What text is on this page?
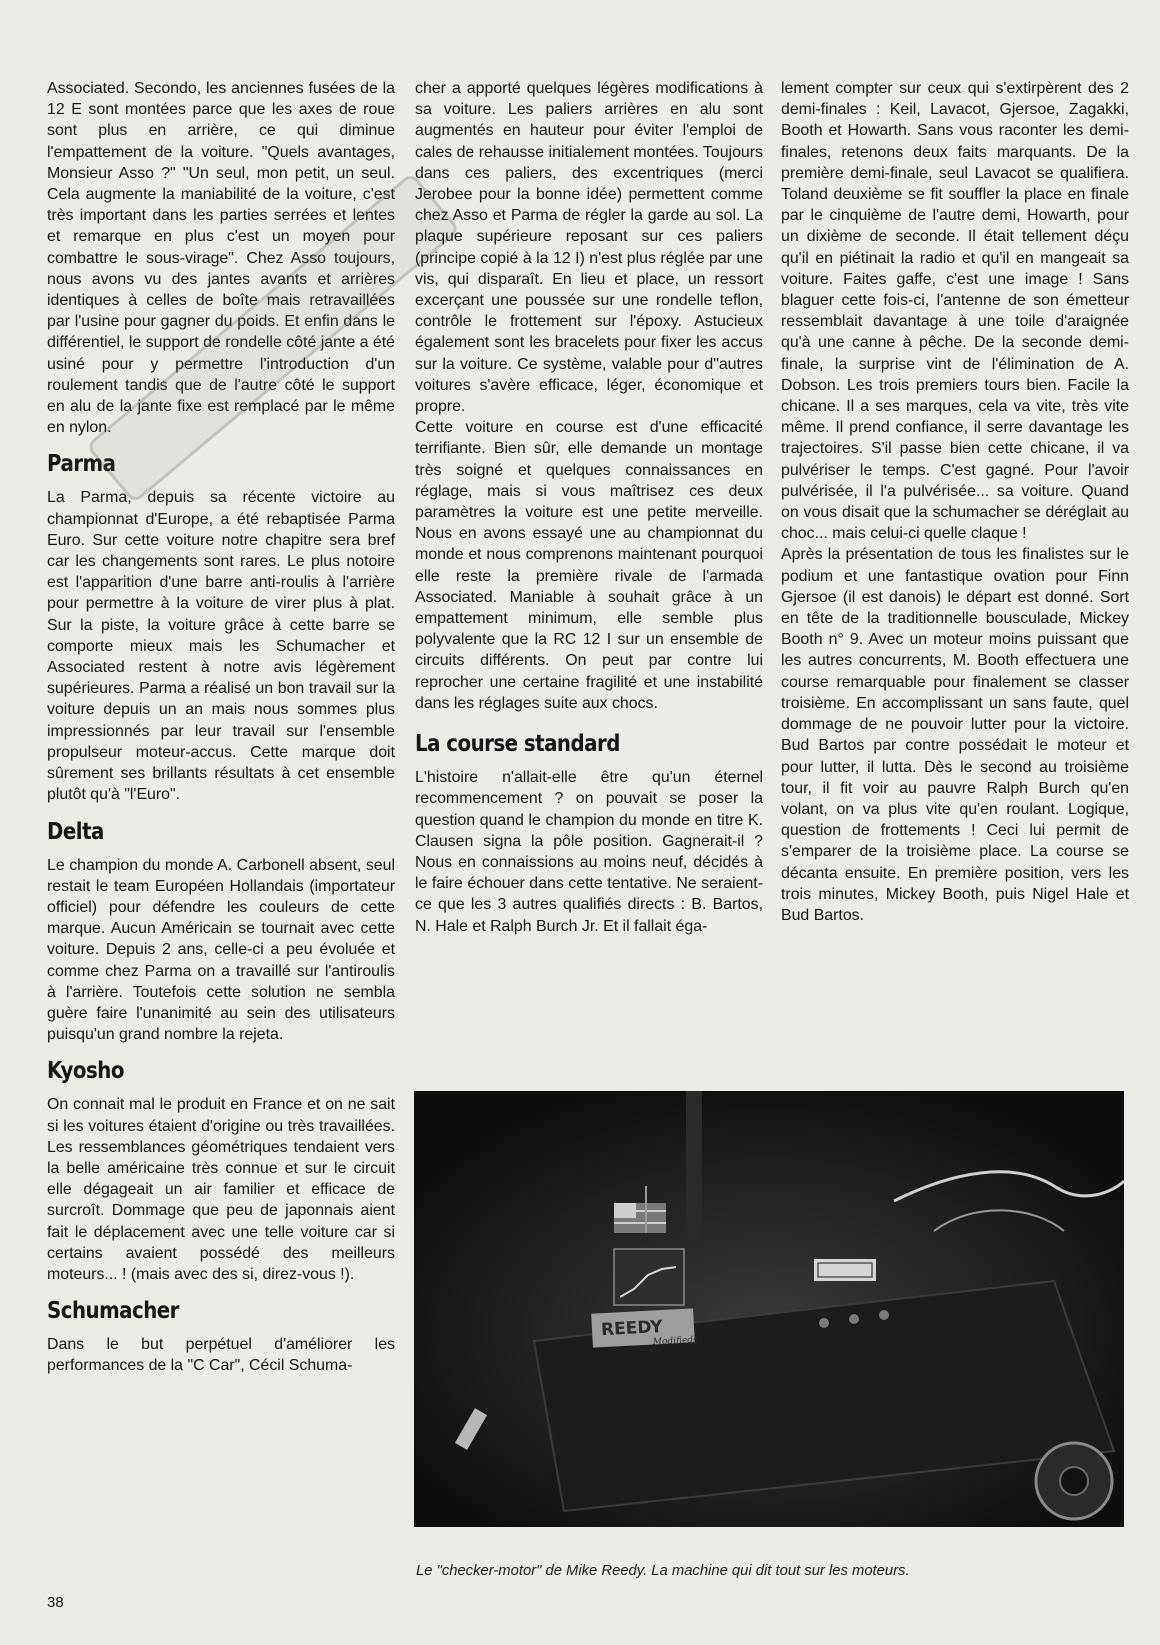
Associated. Secondo, les anciennes fusées de la 12 E sont montées parce que les axes de roue sont plus en arrière, ce qui diminue l'empattement de la voiture. "Quels avantages, Monsieur Asso ?" "Un seul, mon petit, un seul. Cela augmente la maniabilité de la voiture, c'est très important dans les parties serrées et lentes et remarque en plus c'est un moyen pour combattre le sous-virage". Chez Asso toujours, nous avons vu des jantes avants et arrières identiques à celles de boîte mais retravaillées par l'usine pour gagner du poids. Et enfin dans le différentiel, le support de rondelle côté jante a été usiné pour y permettre l'introduction d'un roulement tandis que de l'autre côté le support en alu de la jante fixe est remplacé par le même en nylon.

Parma

La Parma, depuis sa récente victoire au championnat d'Europe, a été rebaptisée Parma Euro. Sur cette voiture notre chapitre sera bref car les changements sont rares. Le plus notoire est l'apparition d'une barre anti-roulis à l'arrière pour permettre à la voiture de virer plus à plat. Sur la piste, la voiture grâce à cette barre se comporte mieux mais les Schumacher et Associated restent à notre avis légèrement supérieures. Parma a réalisé un bon travail sur la voiture depuis un an mais nous sommes plus impressionnés par leur travail sur l'ensemble propulseur moteur-accus. Cette marque doit sûrement ses brillants résultats à cet ensemble plutôt qu'à "l'Euro".

Delta

Le champion du monde A. Carbonell absent, seul restait le team Européen Hollandais (importateur officiel) pour défendre les couleurs de cette marque. Aucun Américain se tournait avec cette voiture. Depuis 2 ans, celle-ci a peu évoluée et comme chez Parma on a travaillé sur l'antiroulis à l'arrière. Toutefois cette solution ne sembla guère faire l'unanimité au sein des utilisateurs puisqu'un grand nombre la rejeta.

Kyosho

On connait mal le produit en France et on ne sait si les voitures étaient d'origine ou très travaillées. Les ressemblances géométriques tendaient vers la belle américaine très connue et sur le circuit elle dégageait un air familier et efficace de surcroît. Dommage que peu de japonnais aient fait le déplacement avec une telle voiture car si certains avaient possédé des meilleurs moteurs... ! (mais avec des si, direz-vous !).

Schumacher

Dans le but perpétuel d'améliorer les performances de la "C Car", Cécil Schuma-

cher a apporté quelques légères modifications à sa voiture. Les paliers arrières en alu sont augmentés en hauteur pour éviter l'emploi de cales de rehausse initialement montées. Toujours dans ces paliers, des excentriques (merci Jerobee pour la bonne idée) permettent comme chez Asso et Parma de régler la garde au sol. La plaque supérieure reposant sur ces paliers (principe copié à la 12 I) n'est plus réglée par une vis, qui disparaît. En lieu et place, un ressort excerçant une poussée sur une rondelle teflon, contrôle le frottement sur l'époxy. Astucieux également sont les bracelets pour fixer les accus sur la voiture. Ce système, valable pour d"autres voitures s'avère efficace, léger, économique et propre.

Cette voiture en course est d'une efficacité terrifiante. Bien sûr, elle demande un montage très soigné et quelques connaissances en réglage, mais si vous maîtrisez ces deux paramètres la voiture est une petite merveille. Nous en avons essayé une au championnat du monde et nous comprenons maintenant pourquoi elle reste la première rivale de l'armada Associated. Maniable à souhait grâce à un empattement minimum, elle semble plus polyvalente que la RC 12 I sur un ensemble de circuits différents. On peut par contre lui reprocher une certaine fragilité et une instabilité dans les réglages suite aux chocs.

La course standard

L'histoire n'allait-elle être qu'un éternel recommencement ? on pouvait se poser la question quand le champion du monde en titre K. Clausen signa la pôle position. Gagnerait-il ? Nous en connaissions au moins neuf, décidés à le faire échouer dans cette tentative. Ne seraient-ce que les 3 autres qualifiés directs : B. Bartos, N. Hale et Ralph Burch Jr. Et il fallait éga-

lement compter sur ceux qui s'extirpèrent des 2 demi-finales : Keil, Lavacot, Gjersoe, Zagakki, Booth et Howarth. Sans vous raconter les demi-finales, retenons deux faits marquants. De la première demi-finale, seul Lavacot se qualifiera. Toland deuxième se fit souffler la place en finale par le cinquième de l'autre demi, Howarth, pour un dixième de seconde. Il était tellement déçu qu'il en piétinait la radio et qu'il en mangeait sa voiture. Faites gaffe, c'est une image ! Sans blaguer cette fois-ci, l'antenne de son émetteur ressemblait davantage à une toile d'araignée qu'à une canne à pêche. De la seconde demi-finale, la surprise vint de l'élimination de A. Dobson. Les trois premiers tours bien. Facile la chicane. Il a ses marques, cela va vite, très vite même. Il prend confiance, il serre davantage les trajectoires. S'il passe bien cette chicane, il va pulvériser le temps. C'est gagné. Pour l'avoir pulvérisée, il l'a pulvérisée... sa voiture. Quand on vous disait que la schumacher se déréglait au choc... mais celui-ci quelle claque !

Après la présentation de tous les finalistes sur le podium et une fantastique ovation pour Finn Gjersoe (il est danois) le départ est donné. Sort en tête de la traditionnelle bousculade, Mickey Booth n° 9. Avec un moteur moins puissant que les autres concurrents, M. Booth effectuera une course remarquable pour finalement se classer troisième. En accomplissant un sans faute, quel dommage de ne pouvoir lutter pour la victoire. Bud Bartos par contre possédait le moteur et pour lutter, il lutta. Dès le second au troisième tour, il fit voir au pauvre Ralph Burch qu'en volant, on va plus vite qu'en roulant. Logique, question de frottements ! Ceci lui permit de s'emparer de la troisième place. La course se décanta ensuite. En première position, vers les trois minutes, Mickey Booth, puis Nigel Hale et Bud Bartos.

REEDY
Modifieds
Le "checker-motor" de Mike Reedy. La machine qui dit tout sur les moteurs.
38
